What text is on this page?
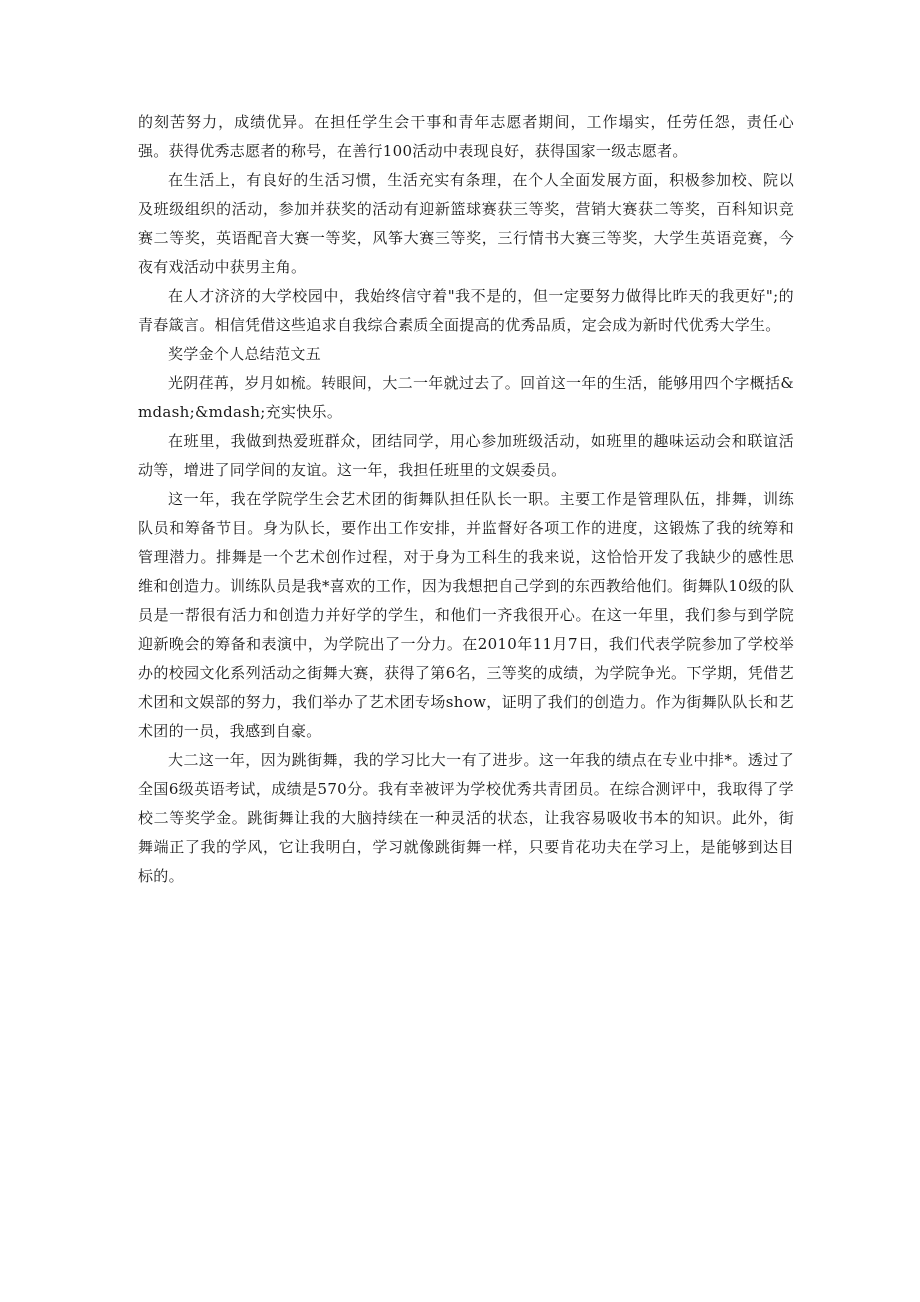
的刻苦努力，成绩优异。在担任学生会干事和青年志愿者期间，工作塌实，任劳任怨，责任心强。获得优秀志愿者的称号，在善行100活动中表现良好，获得国家一级志愿者。

在生活上，有良好的生活习惯，生活充实有条理，在个人全面发展方面，积极参加校、院以及班级组织的活动，参加并获奖的活动有迎新篮球赛获三等奖，营销大赛获二等奖，百科知识竞赛二等奖，英语配音大赛一等奖，风筝大赛三等奖，三行情书大赛三等奖，大学生英语竞赛，今夜有戏活动中获男主角。

在人才济济的大学校园中，我始终信守着"我不是的，但一定要努力做得比昨天的我更好";的青春箴言。相信凭借这些追求自我综合素质全面提高的优秀品质，定会成为新时代优秀大学生。

奖学金个人总结范文五

光阴荏苒，岁月如梳。转眼间，大二一年就过去了。回首这一年的生活，能够用四个字概括&mdash;&mdash;充实快乐。

在班里，我做到热爱班群众，团结同学，用心参加班级活动，如班里的趣味运动会和联谊活动等，增进了同学间的友谊。这一年，我担任班里的文娱委员。

这一年，我在学院学生会艺术团的街舞队担任队长一职。主要工作是管理队伍，排舞，训练队员和筹备节目。身为队长，要作出工作安排，并监督好各项工作的进度，这锻炼了我的统筹和管理潜力。排舞是一个艺术创作过程，对于身为工科生的我来说，这恰恰开发了我缺少的感性思维和创造力。训练队员是我*喜欢的工作，因为我想把自己学到的东西教给他们。街舞队10级的队员是一帮很有活力和创造力并好学的学生，和他们一齐我很开心。在这一年里，我们参与到学院迎新晚会的筹备和表演中，为学院出了一分力。在2010年11月7日，我们代表学院参加了学校举办的校园文化系列活动之街舞大赛，获得了第6名，三等奖的成绩，为学院争光。下学期，凭借艺术团和文娱部的努力，我们举办了艺术团专场show，证明了我们的创造力。作为街舞队队长和艺术团的一员，我感到自豪。

大二这一年，因为跳街舞，我的学习比大一有了进步。这一年我的绩点在专业中排*。透过了全国6级英语考试，成绩是570分。我有幸被评为学校优秀共青团员。在综合测评中，我取得了学校二等奖学金。跳街舞让我的大脑持续在一种灵活的状态，让我容易吸收书本的知识。此外，街舞端正了我的学风，它让我明白，学习就像跳街舞一样，只要肯花功夫在学习上，是能够到达目标的。
